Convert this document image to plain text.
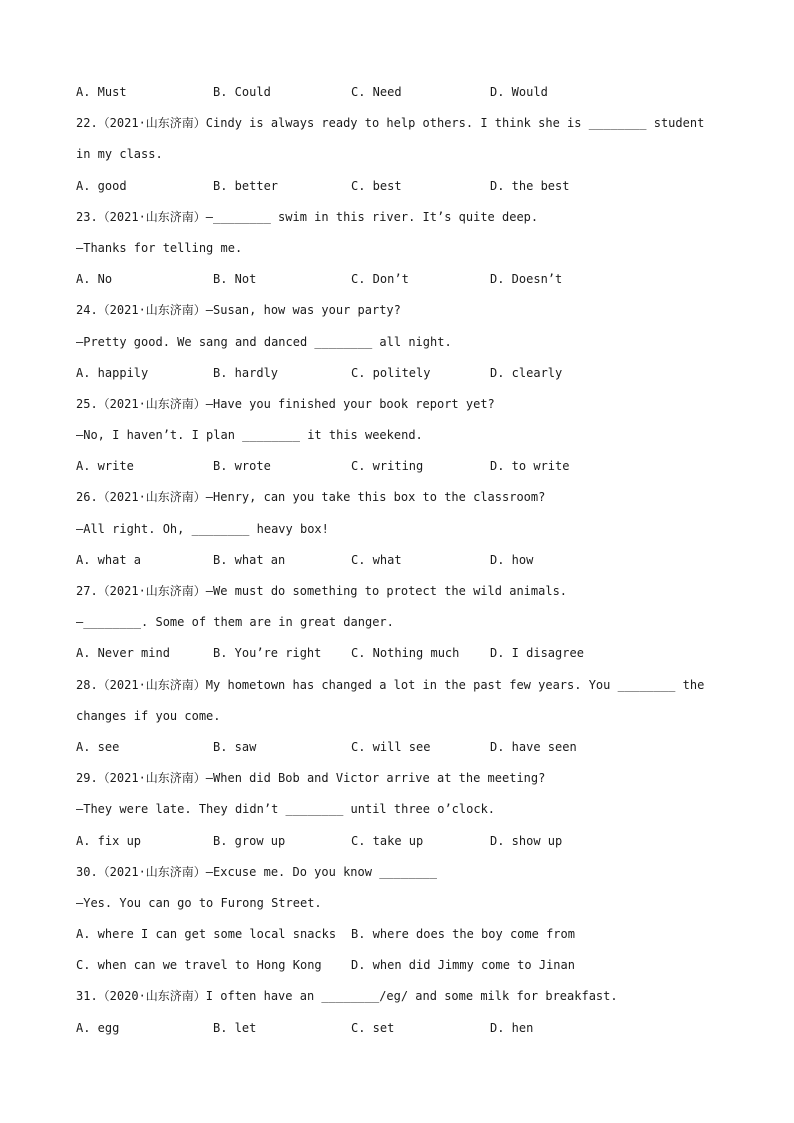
A. Must

	B. Could

	C. Need

	D. Would

22.（2021·山东济南）Cindy is always ready to help others. I think she is ________ student
in my class.

A. good

	B. better

	C. best

	D. the best

23.（2021·山东济南）—________ swim in this river. It’s quite deep.
—Thanks for telling me.

A. No

	B. Not

	C. Don’t

	D. Doesn’t

24.（2021·山东济南）—Susan, how was your party?
—Pretty good. We sang and danced ________ all night.

A. happily

	B. hardly

	C. politely

	D. clearly

25.（2021·山东济南）—Have you finished your book report yet?
—No, I haven’t. I plan ________ it this weekend.

A. write

	B. wrote

	C. writing

	D. to write

26.（2021·山东济南）—Henry, can you take this box to the classroom?
—All right. Oh, ________ heavy box!

A. what a

	B. what an

	C. what

	D. how

27.（2021·山东济南）—We must do something to protect the wild animals.
—________. Some of them are in great danger.

A. Never mind

	B. You’re right

C. Nothing much

	D. I disagree

28.（2021·山东济南）My hometown has changed a lot in the past few years. You ________ the
changes if you come.

A. see

	B. saw

	C. will see

	D. have seen

29.（2021·山东济南）—When did Bob and Victor arrive at the meeting?
—They were late. They didn’t ________ until three o’clock.

A. fix up

	B. grow up

	C. take up

	D. show up

30.（2021·山东济南）—Excuse me. Do you know ________
—Yes. You can go to Furong Street.

A. where I can get some local snacks

B. where does the boy come from

C. when can we travel to Hong Kong

D. when did Jimmy come to Jinan

31.（2020·山东济南）I often have an ________/eg/ and some milk for breakfast.

A. egg

	B. let

	C. set

	D. hen
